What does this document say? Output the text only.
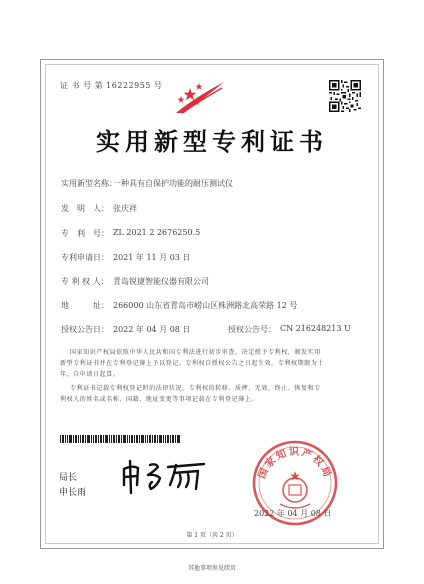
证 书 号 第 16222955 号
实用新型专利证书
实用新型名称：
一种具有自保护功能的耐压测试仪
发　明　人： 张庆祥
专　利　号： ZL 2021 2 2676250.5
专利申请日： 2021 年 11 月 03 日
专 利 权 人： 青岛锐捷智能仪器有限公司
地　　　址： 266000 山东省青岛市崂山区株洲路北高荣路 12 号
授权公告日： 2022 年 04 月 08 日	授权公告号： CN 216248213 U
国家知识产权局依照中华人民共和国专利法进行初步审查，决定授予专利权，颁发实用
新型专利证书并在专利登记簿上予以登记。专利权自授权公告之日起生效。专利权期限为十
年，自申请日起算。
专利证书记载专利权登记时的法律状况。专利权的转移、质押、无效、终止、恢复和专
利权人的姓名或名称、国籍、地址变更等事项记载在专利登记簿上。
局长
申长雨
国家知识产权局
2022 年 04 月 08 日
第 1 页（共 2 页）
其他事项参见续页
